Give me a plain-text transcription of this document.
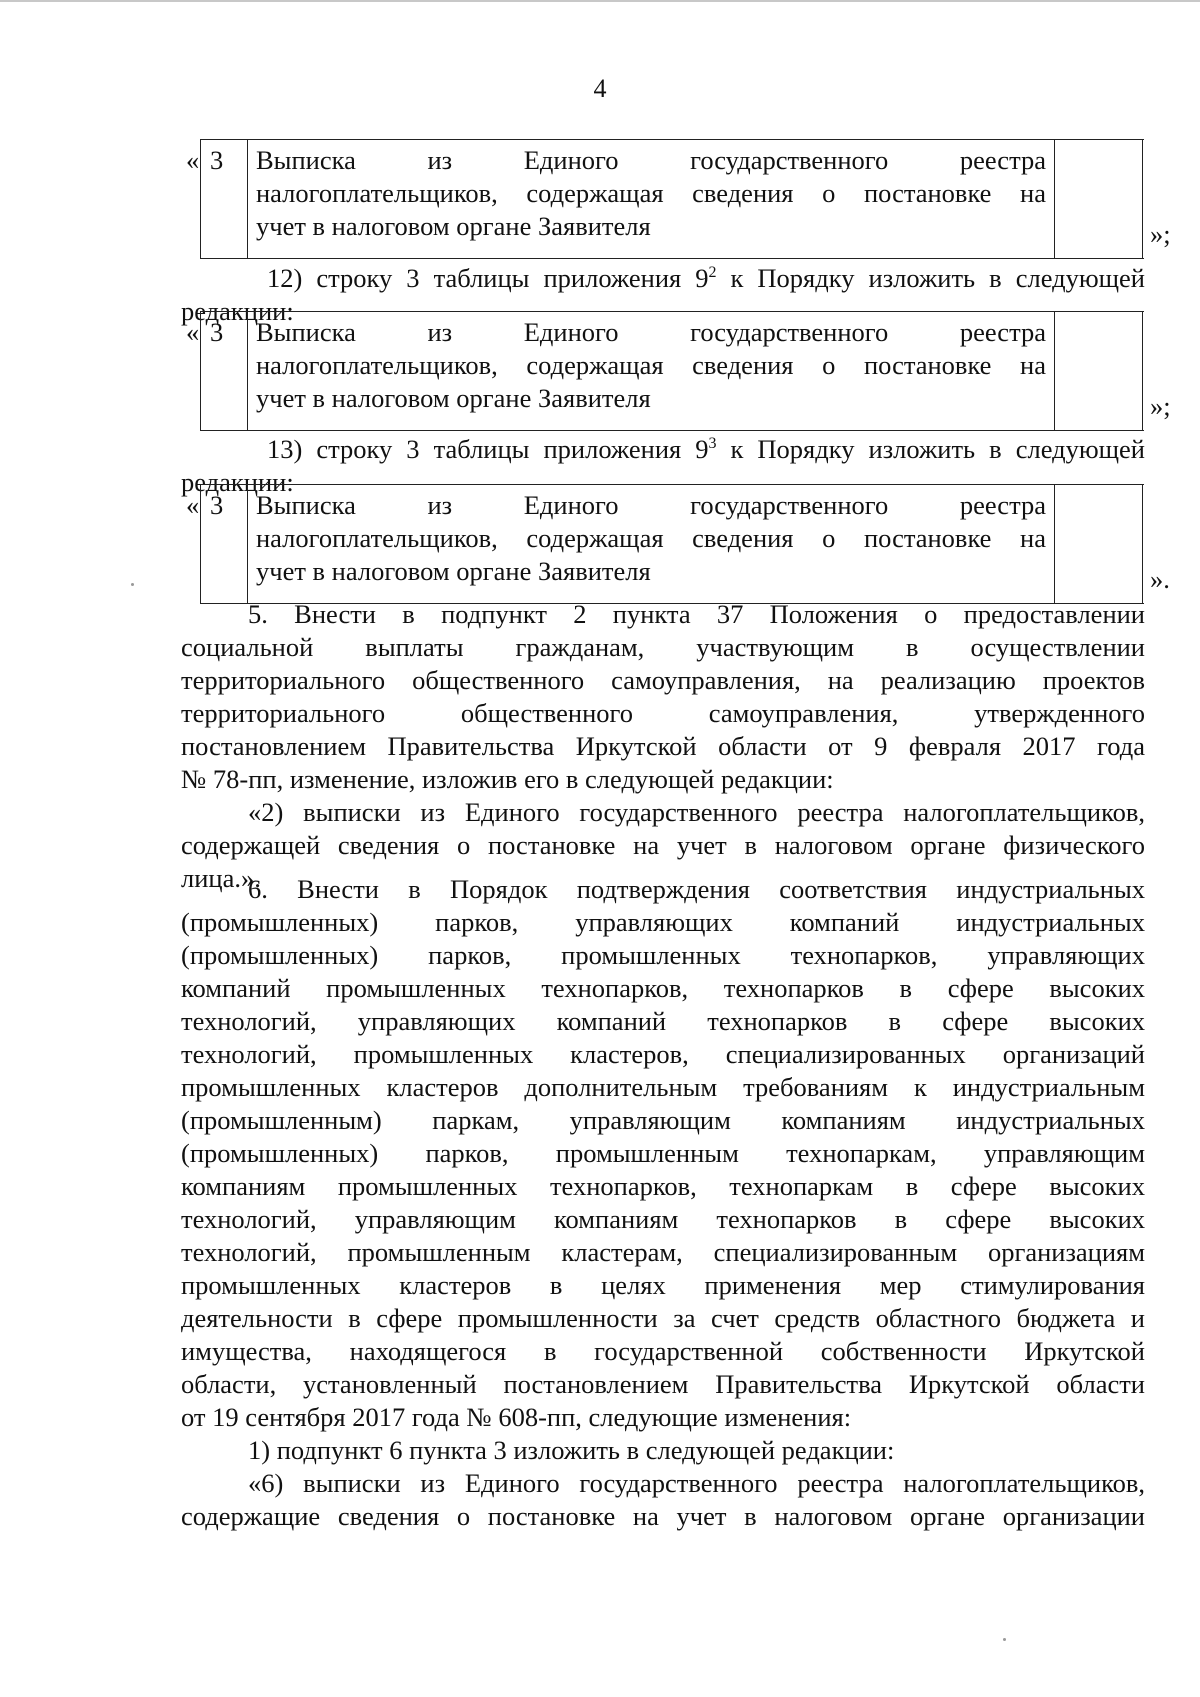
4
« 3 Выписка из Единого государственного реестра
налогоплательщиков, содержащая сведения о постановке на
учет в налоговом органе Заявителя	»;
12) строку 3 таблицы приложения $9^2$ к Порядку изложить в следующей
редакции:
« 3 Выписка из Единого государственного реестра
налогоплательщиков, содержащая сведения о постановке на
учет в налоговом органе Заявителя	»;
13) строку 3 таблицы приложения $9^3$ к Порядку изложить в следующей
редакции:
« 3 Выписка из Единого государственного реестра
налогоплательщиков, содержащая сведения о постановке на
учет в налоговом органе Заявителя	».
5. Внести в подпункт 2 пункта 37 Положения о предоставлении
социальной выплаты гражданам, участвующим в осуществлении
территориального общественного самоуправления, на реализацию проектов
территориального общественного самоуправления, утвержденного
постановлением Правительства Иркутской области от 9 февраля 2017 года
№ 78-пп, изменение, изложив его в следующей редакции:
«2) выписки из Единого государственного реестра налогоплательщиков,
содержащей сведения о постановке на учет в налоговом органе физического
лица.».
6. Внести в Порядок подтверждения соответствия индустриальных
(промышленных) парков, управляющих компаний индустриальных
(промышленных) парков, промышленных технопарков, управляющих
компаний промышленных технопарков, технопарков в сфере высоких
технологий, управляющих компаний технопарков в сфере высоких
технологий, промышленных кластеров, специализированных организаций
промышленных кластеров дополнительным требованиям к индустриальным
(промышленным) паркам, управляющим компаниям индустриальных
(промышленных) парков, промышленным технопаркам, управляющим
компаниям промышленных технопарков, технопаркам в сфере высоких
технологий, управляющим компаниям технопарков в сфере высоких
технологий, промышленным кластерам, специализированным организациям
промышленных кластеров в целях применения мер стимулирования
деятельности в сфере промышленности за счет средств областного бюджета и
имущества, находящегося в государственной собственности Иркутской
области, установленный постановлением Правительства Иркутской области
от 19 сентября 2017 года № 608-пп, следующие изменения:
1) подпункт 6 пункта 3 изложить в следующей редакции:
«6) выписки из Единого государственного реестра налогоплательщиков,
содержащие сведения о постановке на учет в налоговом органе организации
